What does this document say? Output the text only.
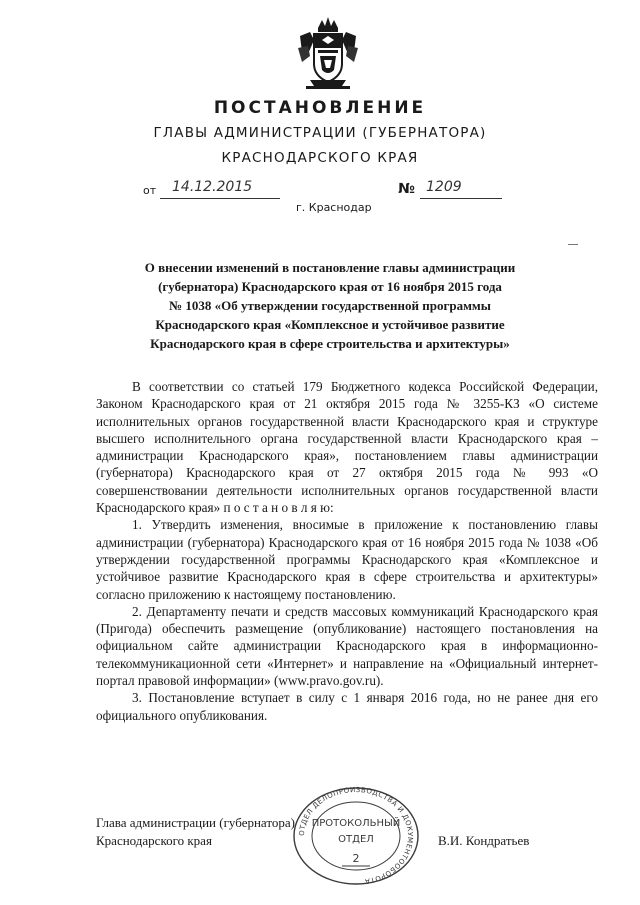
ПОСТАНОВЛЕНИЕ
ГЛАВЫ АДМИНИСТРАЦИИ (ГУБЕРНАТОРА)
КРАСНОДАРСКОГО КРАЯ
от 14.12.2015	№ 1209
г. Краснодар
О внесении изменений в постановление главы администрации
(губернатора) Краснодарского края от 16 ноября 2015 года
№ 1038 «Об утверждении государственной программы
Краснодарского края «Комплексное и устойчивое развитие
Краснодарского края в сфере строительства и архитектуры»

В соответствии со статьей 179 Бюджетного кодекса Российской Федерации, Законом Краснодарского края от 21 октября 2015 года № 3255-КЗ «О системе исполнительных органов государственной власти Краснодарского края и структуре высшего исполнительного органа государственной власти Краснодарского края – администрации Краснодарского края», постановлением главы администрации (губернатора) Краснодарского края от 27 октября 2015 года № 993 «О совершенствовании деятельности исполнительных органов государственной власти Краснодарского края» п о с т а н о в л я ю:

1. Утвердить изменения, вносимые в приложение к постановлению главы администрации (губернатора) Краснодарского края от 16 ноября 2015 года № 1038 «Об утверждении государственной программы Краснодарского края «Комплексное и устойчивое развитие Краснодарского края в сфере строительства и архитектуры» согласно приложению к настоящему постановлению.

2. Департаменту печати и средств массовых коммуникаций Краснодарского края (Пригода) обеспечить размещение (опубликование) настоящего постановления на официальном сайте администрации Краснодарского края в информационно-телекоммуникационной сети «Интернет» и направление на «Официальный интернет-портал правовой информации» (www.pravo.gov.ru).

3. Постановление вступает в силу с 1 января 2016 года, но не ранее дня его официального опубликования.

Глава администрации (губернатора)
Краснодарского края	В.И. Кондратьев
ОТДЕЛ ДЕЛОПРОИЗВОДСТВА И ДОКУМЕНТООБОРОТА
ПРОТОКОЛЬНЫЙ
ОТДЕЛ
2
